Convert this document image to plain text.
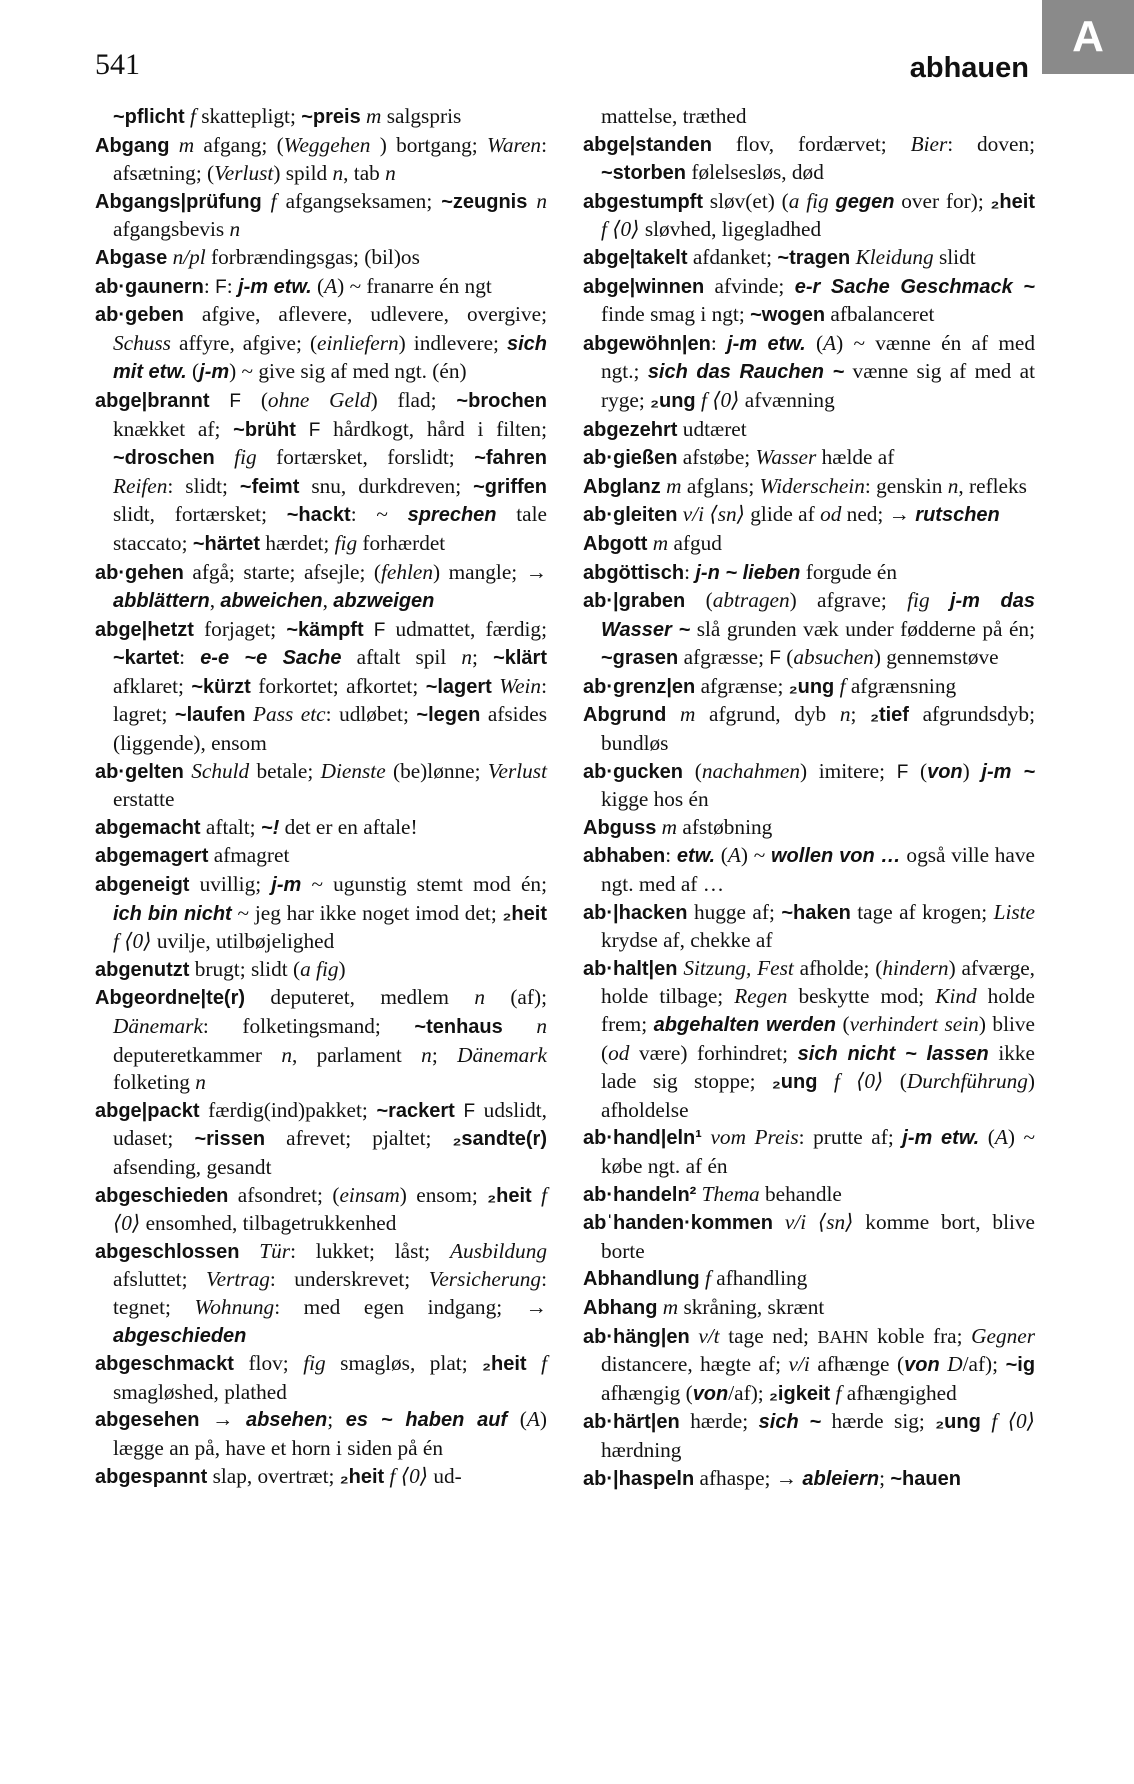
A
541	abhauen

~pflicht f skattepligt; ~preis m salgspris

Abgang m afgang; (Weggehen ) bortgang; Waren: afsætning; (Verlust) spild n, tab n

Abgangs|prüfung f afgangseksamen; ~zeugnis n afgangsbevis n

Abgase n/pl forbrændingsgas; (bil)os

ab·gaunern: F: j-m etw. (A) ~ franarre én ngt

ab·geben afgive, aflevere, udlevere, overgive; Schuss affyre, afgive; (einliefern) indlevere; sich mit etw. (j-m) ~ give sig af med ngt. (én)

abge|brannt F (ohne Geld) flad; ~brochen knækket af; ~brüht F hårdkogt, hård i filten; ~droschen fig fortærsket, forslidt; ~fahren Reifen: slidt; ~feimt snu, durkdreven; ~griffen slidt, fortærsket; ~hackt: ~ sprechen tale staccato; ~härtet hærdet; fig forhærdet

ab·gehen afgå; starte; afsejle; (fehlen) mangle; → abblättern, abweichen, abzweigen

abge|hetzt forjaget; ~kämpft F udmattet, færdig; ~kartet: e-e ~e Sache aftalt spil n; ~klärt afklaret; ~kürzt forkortet; afkortet; ~lagert Wein: lagret; ~laufen Pass etc: udløbet; ~legen afsides (liggende), ensom

ab·gelten Schuld betale; Dienste (be)lønne; Verlust erstatte

abgemacht aftalt; ~! det er en aftale!

abgemagert afmagret

abgeneigt uvillig; j-m ~ ugunstig stemt mod én; ich bin nicht ~ jeg har ikke noget imod det; ₂heit f ⟨0⟩ uvilje, utilbøjelighed

abgenutzt brugt; slidt (a fig)

Abgeordne|te(r) deputeret, medlem n (af); Dänemark: folketingsmand; ~tenhaus n deputeretkammer n, parlament n; Dänemark folketing n

abge|packt færdig(ind)pakket; ~rackert F udslidt, udaset; ~rissen afrevet; pjaltet; ₂sandte(r) afsending, gesandt

abgeschieden afsondret; (einsam) ensom; ₂heit f ⟨0⟩ ensomhed, tilbagetrukkenhed

abgeschlossen Tür: lukket; låst; Ausbildung afsluttet; Vertrag: underskrevet; Versicherung: tegnet; Wohnung: med egen indgang; → abgeschieden

abgeschmackt flov; fig smagløs, plat; ₂heit f smagløshed, plathed

abgesehen → absehen; es ~ haben auf (A) lægge an på, have et horn i siden på én

abgespannt slap, overtræt; ₂heit f ⟨0⟩ ud-

mattelse, træthed

abge|standen flov, fordærvet; Bier: doven; ~storben følelsesløs, død

abgestumpft sløv(et) (a fig gegen over for); ₂heit f ⟨0⟩ sløvhed, ligegladhed

abge|takelt afdanket; ~tragen Kleidung slidt

abge|winnen afvinde; e-r Sache Geschmack ~ finde smag i ngt; ~wogen afbalanceret

abgewöhn|en: j-m etw. (A) ~ vænne én af med ngt.; sich das Rauchen ~ vænne sig af med at ryge; ₂ung f ⟨0⟩ afvænning

abgezehrt udtæret

ab·gießen afstøbe; Wasser hælde af

Abglanz m afglans; Widerschein: genskin n, refleks

ab·gleiten v/i ⟨sn⟩ glide af od ned; → rutschen

Abgott m afgud

abgöttisch: j-n ~ lieben forgude én

ab·|graben (abtragen) afgrave; fig j-m das Wasser ~ slå grunden væk under fødderne på én; ~grasen afgræsse; F (absuchen) gennemstøve

ab·grenz|en afgrænse; ₂ung f afgrænsning

Abgrund m afgrund, dyb n; ₂tief afgrundsdyb; bundløs

ab·gucken (nachahmen) imitere; F (von) j-m ~ kigge hos én

Abguss m afstøbning

abhaben: etw. (A) ~ wollen von … også ville have ngt. med af …

ab·|hacken hugge af; ~haken tage af krogen; Liste krydse af, chekke af

ab·halt|en Sitzung, Fest afholde; (hindern) afværge, holde tilbage; Regen beskytte mod; Kind holde frem; abgehalten werden (verhindert sein) blive (od være) forhindret; sich nicht ~ lassen ikke lade sig stoppe; ₂ung f ⟨0⟩ (Durchführung) afholdelse

ab·hand|eln¹ vom Preis: prutte af; j-m etw. (A) ~ købe ngt. af én

ab·handeln² Thema behandle

abˈhanden·kommen v/i ⟨sn⟩ komme bort, blive borte

Abhandlung f afhandling

Abhang m skråning, skrænt

ab·häng|en v/t tage ned; BAHN koble fra; Gegner distancere, hægte af; v/i afhænge (von D/af); ~ig afhængig (von/af); ₂igkeit f afhængighed

ab·härt|en hærde; sich ~ hærde sig; ₂ung f ⟨0⟩ hærdning

ab·|haspeln afhaspe; → ableiern; ~hauen
